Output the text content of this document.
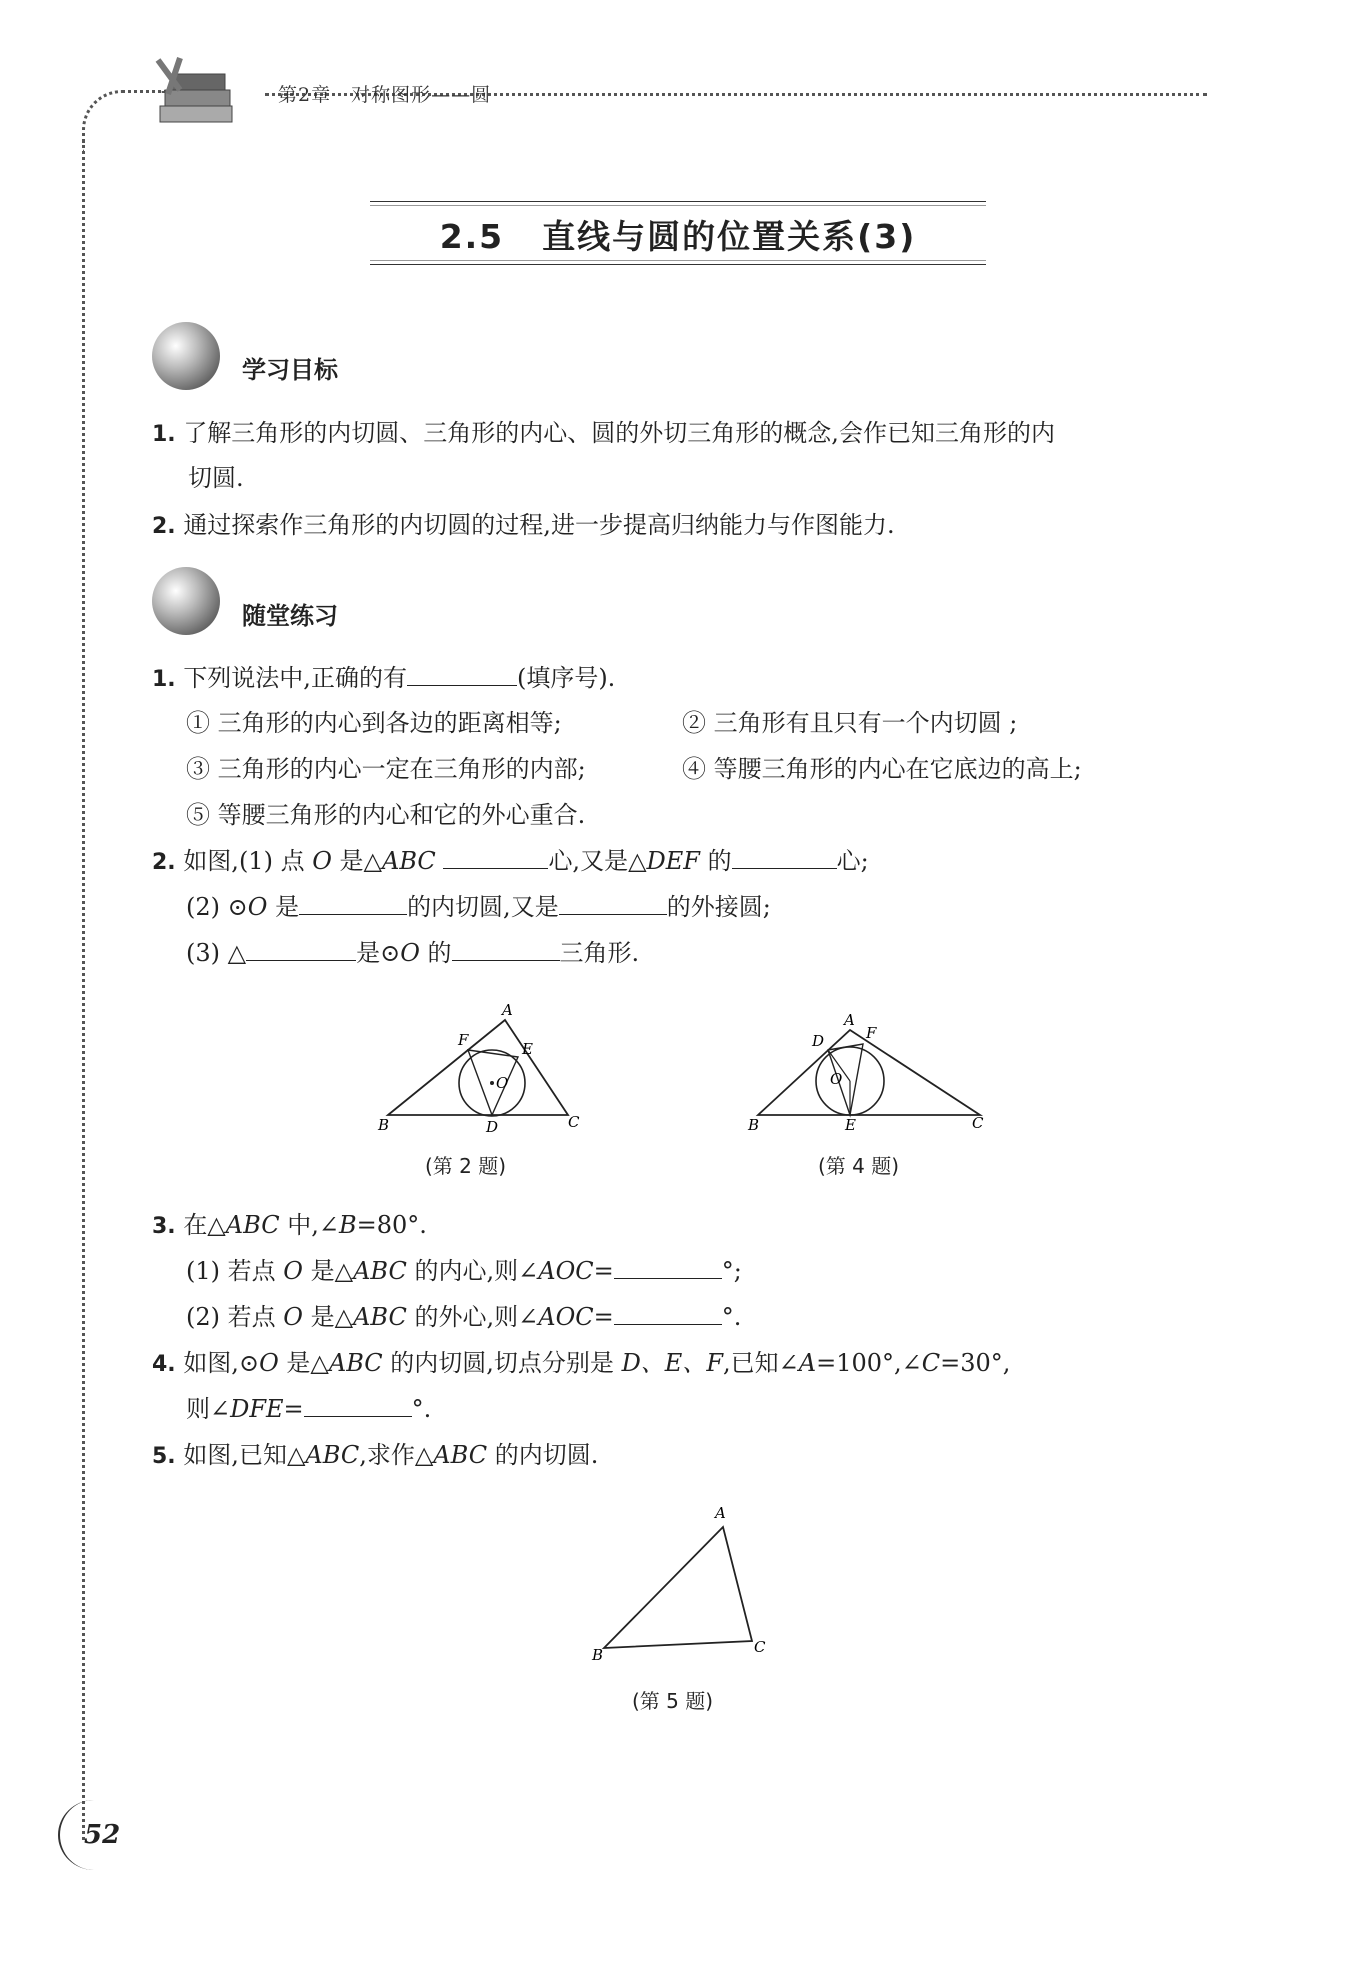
第2章 对称图形——圆
2.5 直线与圆的位置关系(3)
学习目标
1. 了解三角形的内切圆、三角形的内心、圆的外切三角形的概念,会作已知三角形的内
切圆.
2. 通过探索作三角形的内切圆的过程,进一步提高归纳能力与作图能力.
随堂练习
1. 下列说法中,正确的有	(填序号).
① 三角形的内心到各边的距离相等;	② 三角形有且只有一个内切圆 ;
③ 三角形的内心一定在三角形的内部;	④ 等腰三角形的内心在它底边的高上;
⑤ 等腰三角形的内心和它的外心重合.
2. 如图,(1) 点 O 是△ABC	心,又是△DEF 的	心;
(2) ⊙O 是	的内切圆,又是	的外接圆;
(3) △	是⊙O 的	三角形.
A
B	C
D
E
F
O
(第 2 题)
A
B	C
D
E
F
O
(第 4 题)
3. 在△ABC 中,∠B=80°.
(1) 若点 O 是△ABC 的内心,则∠AOC=	°;
(2) 若点 O 是△ABC 的外心,则∠AOC=	°.
4. 如图,⊙O 是△ABC 的内切圆,切点分别是 D、E、F,已知∠A=100°,∠C=30°,
则∠DFE=	°.
5. 如图,已知△ABC,求作△ABC 的内切圆.
A
B	C
(第 5 题)
52
